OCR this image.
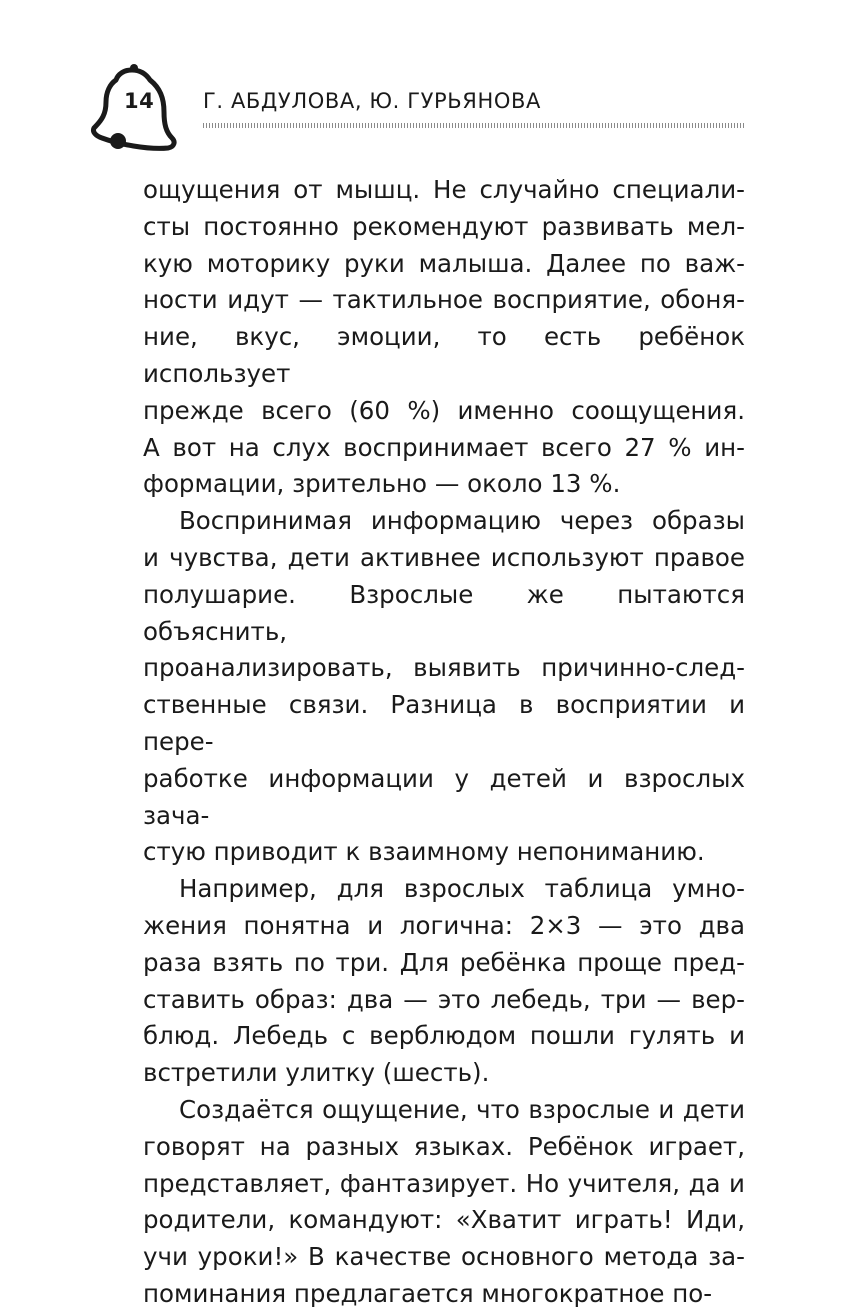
14	Г. АБДУЛОВА, Ю. ГУРЬЯНОВА

ощущения от мышц. Не случайно специали-
сты постоянно рекомендуют развивать мел-
кую моторику руки малыша. Далее по важ-
ности идут — тактильное восприятие, обоня-
ние, вкус, эмоции, то есть ребёнок использует
прежде всего (60 %) именно соощущения.
А вот на слух воспринимает всего 27 % ин-
формации, зрительно — около 13 %.

Воспринимая информацию через образы
и чувства, дети активнее используют правое
полушарие. Взрослые же пытаются объяснить,
проанализировать, выявить причинно-след-
ственные связи. Разница в восприятии и пере-
работке информации у детей и взрослых зача-
стую приводит к взаимному непониманию.

Например, для взрослых таблица умно-
жения понятна и логична: 2×3 — это два
раза взять по три. Для ребёнка проще пред-
ставить образ: два — это лебедь, три — вер-
блюд. Лебедь с верблюдом пошли гулять и
встретили улитку (шесть).

Создаётся ощущение, что взрослые и дети
говорят на разных языках. Ребёнок играет,
представляет, фантазирует. Но учителя, да и
родители, командуют: «Хватит играть! Иди,
учи уроки!» В качестве основного метода за-
поминания предлагается многократное по-
